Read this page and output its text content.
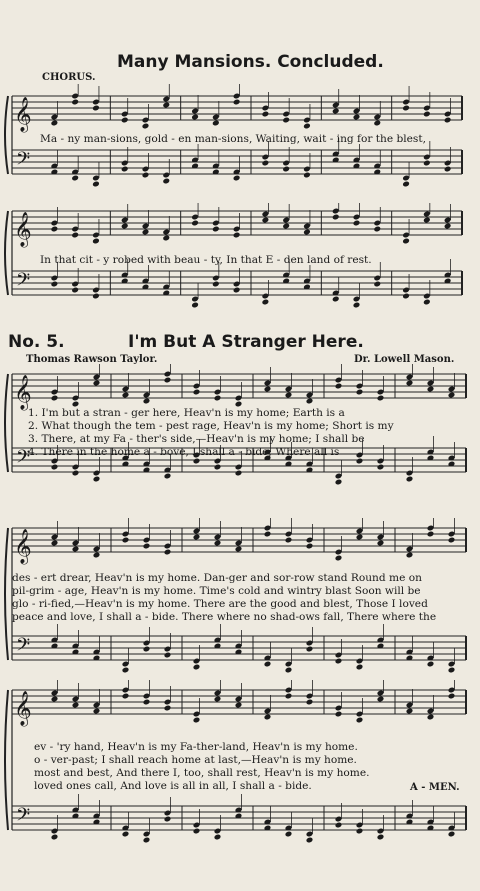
Many Mansions. Concluded.
CHORUS.
𝄞
𝄢
Ma - ny man-sions, gold - en man-sions, Waiting, wait - ing for the blest,
𝄞
𝄢
In that cit - y robed with beau - ty, In that E - den land of rest.
No. 5.	I'm But A Stranger Here.
Thomas Rawson Taylor.	Dr. Lowell Mason.
𝄞
𝄢
1. I'm but a stran - ger here, Heav'n is my home; Earth is a
2. What though the tem - pest rage, Heav'n is my home; Short is my
3. There, at my Fa - ther's side,—Heav'n is my home; I shall be
4. There in the home a - bove, I shall a - bide; Where all is
𝄞
𝄢
des - ert drear, Heav'n is my home. Dan-ger and sor-row stand Round me on
pil-grim - age, Heav'n is my home. Time's cold and wintry blast Soon will be
glo - ri-fied,—Heav'n is my home. There are the good and blest, Those I loved
peace and love, I shall a - bide. There where no shad-ows fall, There where the
𝄞
𝄢
ev - 'ry hand, Heav'n is my Fa-ther-land, Heav'n is my home.
o - ver-past; I shall reach home at last,—Heav'n is my home.
most and best, And there I, too, shall rest, Heav'n is my home.
loved ones call, And love is all in all, I shall a - bide.	A - MEN.
